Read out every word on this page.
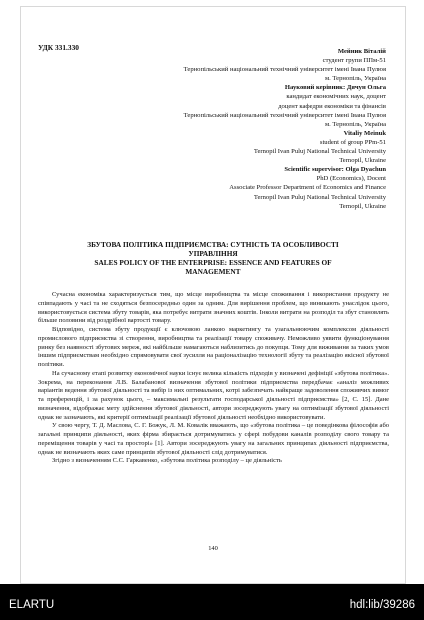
УДК 331.330	Мейник Віталій
студент групи ППм-51
Тернопільський національний технічний університет імені Івана Пулюя
м. Тернопіль, Україна
Науковий керівник: Дячун Ольга
кандидат економічних наук, доцент
доцент кафедри економіки та фінансів
Тернопільський національний технічний університет імені Івана Пулюя
м. Тернопіль, Україна
Vitaliy Meinuk
student of group PPm-51
Ternopil Ivan Puluj National Technical University
Ternopil, Ukraine
Scientific supervisor: Olga Dyachun
PhD (Economics), Docent
Associate Professor Department of Economics and Finance
Ternopil Ivan Puluj National Technical University
Ternopil, Ukraine
ЗБУТОВА ПОЛІТИКА ПІДПРИЄМСТВА: СУТНІСТЬ ТА ОСОБЛИВОСТІ
УПРАВЛІННЯ
SALES POLICY OF THE ENTERPRISE: ESSENCE AND FEATURES OF
MANAGEMENT

Сучасна економіка характеризується тим, що місце виробництва та місце споживання і використання продукту не співпадають у часі та не сходяться безпосередньо один за одним. Для вирішення проблем, що виникають унаслідок цього, використовується система збуту товарів, яка потребує витрати значних коштів. Інколи витрати на розподіл та збут становлять більше половини від роздрібної вартості товару.

Відповідно, система збуту продукції є ключовою ланкою маркетингу та узагальнюючим комплексом діяльності промислового підприємства зі створення, виробництва та реалізації товару споживачу. Неможливо уявити функціонування ринку без наявності збутових мереж, які найбільше намагаються наблизитись до покупця. Тому для виживання за таких умов іншим підприємствам необхідно спрямовувати свої зусилля на раціоналізацію технології збуту та реалізацію якісної збутової політики.

На сучасному етапі розвитку економічної науки існує велика кількість підходів у визначені дефініції «збутова політика». Зокрема, на переконання Л.В. Балабанової визначення збутової політики підприємства передбачає «аналіз можливих варіантів ведення збутової діяльності та вибір із них оптимальних, котрі забезпечать найкраще задоволення споживчих вимог та преференцій, і за рахунок цього, – максимальні результати господарської діяльності підприємства» [2, С. 15]. Дане визначення, відображає мету здійснення збутової діяльності, автори зосереджують увагу на оптимізації збутової діяльності однак не зазначають, які критерії оптимізації реалізації збутової діяльності необхідно використовувати.

У свою чергу, Т. Д. Маслова, С. Г. Божук, Л. М. Ковалік вважають, що «збутова політика – це поведінкова філософія або загальні принципи діяльності, яких фірма збирається дотримуватись у сфері побудови каналів розподілу свого товару та переміщення товарів у часі та просторі» [1]. Автори зосереджують увагу на загальних принципах діяльності підприємства, однак не визначають яких саме принципів збутової діяльності слід дотримуватися.

Згідно з визначенням С.С. Гаркавенко, «збутова політика розподілу – це діяльність

140
ELARTU	hdl:lib/39286
